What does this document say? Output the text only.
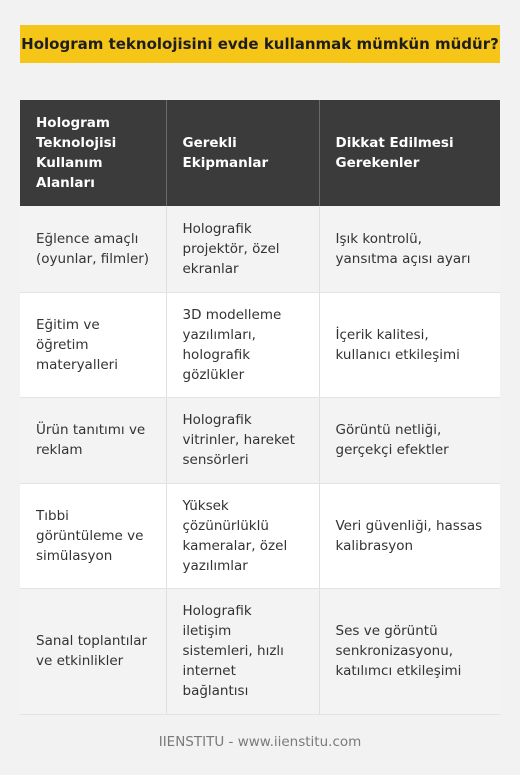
Hologram teknolojisini evde kullanmak mümkün müdür?
Hologram Teknolojisi Kullanım Alanları	Gerekli Ekipmanlar	Dikkat Edilmesi Gerekenler
Eğlence amaçlı (oyunlar, filmler)	Holografik projektör, özel ekranlar	Işık kontrolü, yansıtma açısı ayarı
Eğitim ve öğretim materyalleri	3D modelleme yazılımları, holografik gözlükler	İçerik kalitesi, kullanıcı etkileşimi
Ürün tanıtımı ve reklam	Holografik vitrinler, hareket sensörleri	Görüntü netliği, gerçekçi efektler
Tıbbi görüntüleme ve simülasyon	Yüksek çözünürlüklü kameralar, özel yazılımlar	Veri güvenliği, hassas kalibrasyon
Sanal toplantılar ve etkinlikler	Holografik iletişim sistemleri, hızlı internet bağlantısı	Ses ve görüntü senkronizasyonu, katılımcı etkileşimi
IIENSTITU - www.iienstitu.com
